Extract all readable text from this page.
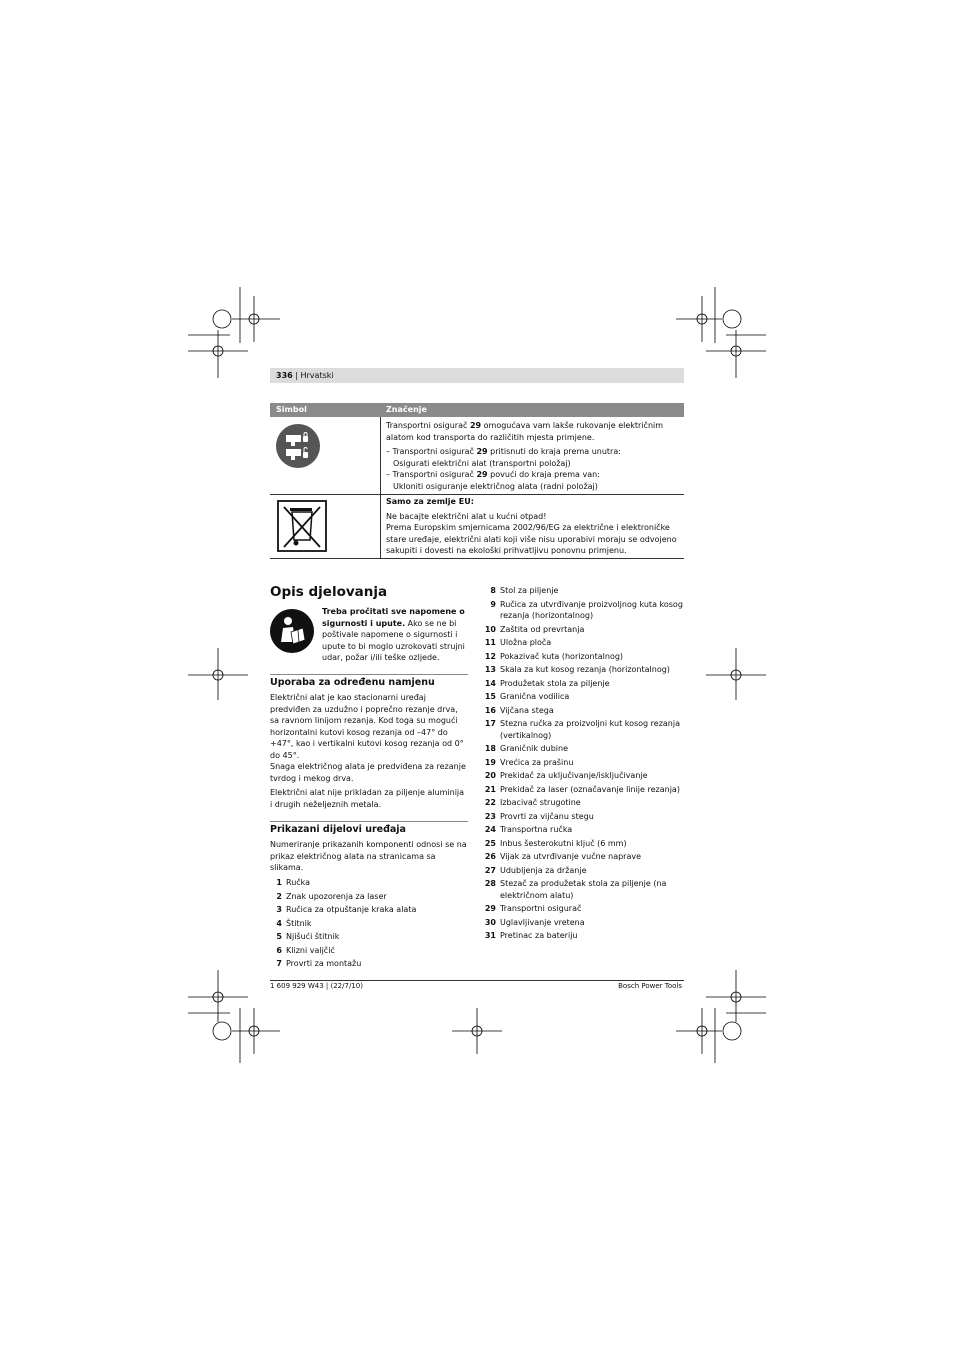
336 | Hrvatski
Simbol	Značenje
Transportni osigurač 29 omogućava vam lakše rukovanje električnim alatom kod transporta do različitih mjesta primjene.
– Transportni osigurač 29 pritisnuti do kraja prema unutra:
Osigurati električni alat (transportni položaj)
– Transportni osigurač 29 povući do kraja prema van:
Ukloniti osiguranje električnog alata (radni položaj)
Samo za zemlje EU:
Ne bacajte električni alat u kućni otpad!
Prema Europskim smjernicama 2002/96/EG za električne i elektroničke stare uređaje, električni alati koji više nisu uporabivi moraju se odvojeno sakupiti i dovesti na ekološki prihvatljivu ponovnu primjenu.
Opis djelovanja
Treba pročitati sve napomene o sigurnosti i upute. Ako se ne bi poštivale napomene o sigurnosti i upute to bi moglo uzrokovati strujni udar, požar i/ili teške ozljede.
Uporaba za određenu namjenu
Električni alat je kao stacionarni uređaj predviđen za uzdužno i poprečno rezanje drva, sa ravnom linijom rezanja. Kod toga su mogući horizontalni kutovi kosog rezanja od –47° do +47°, kao i vertikalni kutovi kosog rezanja od 0° do 45°.
Snaga električnog alata je predviđena za rezanje tvrdog i mekog drva.
Električni alat nije prikladan za piljenje aluminija i drugih neželjeznih metala.
Prikazani dijelovi uređaja
Numeriranje prikazanih komponenti odnosi se na prikaz električnog alata na stranicama sa slikama.
1 Ručka
2 Znak upozorenja za laser
3 Ručica za otpuštanje kraka alata
4 Štitnik
5 Njišući štitnik
6 Klizni valjčić
7 Provrti za montažu
8 Stol za piljenje
9 Ručica za utvrđivanje proizvoljnog kuta kosog rezanja (horizontalnog)
10 Zaštita od prevrtanja
11 Uložna ploča
12 Pokazivač kuta (horizontalnog)
13 Skala za kut kosog rezanja (horizontalnog)
14 Produžetak stola za piljenje
15 Granična vodilica
16 Vijčana stega
17 Stezna ručka za proizvoljni kut kosog rezanja (vertikalnog)
18 Graničnik dubine
19 Vrećica za prašinu
20 Prekidač za uključivanje/isključivanje
21 Prekidač za laser (označavanje linije rezanja)
22 Izbacivač strugotine
23 Provrti za vijčanu stegu
24 Transportna ručka
25 Inbus šesterokutni ključ (6 mm)
26 Vijak za utvrđivanje vučne naprave
27 Udubljenja za držanje
28 Stezač za produžetak stola za piljenje (na električnom alatu)
29 Transportni osigurač
30 Uglavljivanje vretena
31 Pretinac za bateriju
1 609 929 W43 | (22/7/10)	Bosch Power Tools
